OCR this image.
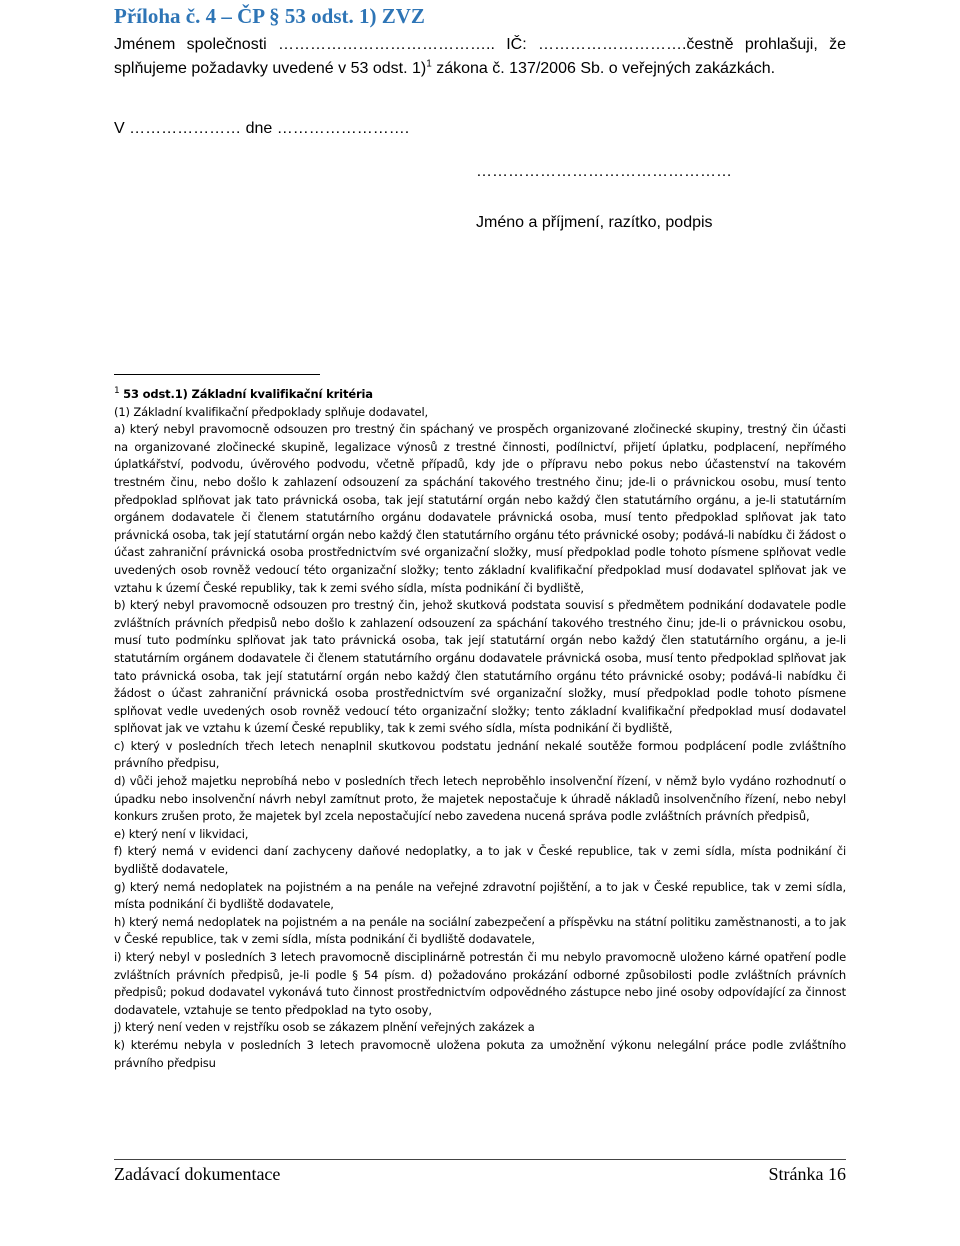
Příloha č. 4 – ČP § 53 odst. 1) ZVZ

Jménem společnosti ………………………………….. IČ: ……………………….čestně prohlašuji, že splňujeme požadavky uvedené v 53 odst. 1)$^1$ zákona č. 137/2006 Sb. o veřejných zakázkách.

V ………………… dne …………………….

…………………………………………

Jméno a příjmení, razítko, podpis

$^1$ 53 odst.1) Základní kvalifikační kritéria

(1) Základní kvalifikační předpoklady splňuje dodavatel,

a) který nebyl pravomocně odsouzen pro trestný čin spáchaný ve prospěch organizované zločinecké skupiny, trestný čin účasti na organizované zločinecké skupině, legalizace výnosů z trestné činnosti, podílnictví, přijetí úplatku, podplacení, nepřímého úplatkářství, podvodu, úvěrového podvodu, včetně případů, kdy jde o přípravu nebo pokus nebo účastenství na takovém trestném činu, nebo došlo k zahlazení odsouzení za spáchání takového trestného činu; jde-li o právnickou osobu, musí tento předpoklad splňovat jak tato právnická osoba, tak její statutární orgán nebo každý člen statutárního orgánu, a je-li statutárním orgánem dodavatele či členem statutárního orgánu dodavatele právnická osoba, musí tento předpoklad splňovat jak tato právnická osoba, tak její statutární orgán nebo každý člen statutárního orgánu této právnické osoby; podává-li nabídku či žádost o účast zahraniční právnická osoba prostřednictvím své organizační složky, musí předpoklad podle tohoto písmene splňovat vedle uvedených osob rovněž vedoucí této organizační složky; tento základní kvalifikační předpoklad musí dodavatel splňovat jak ve vztahu k území České republiky, tak k zemi svého sídla, místa podnikání či bydliště,

b) který nebyl pravomocně odsouzen pro trestný čin, jehož skutková podstata souvisí s předmětem podnikání dodavatele podle zvláštních právních předpisů nebo došlo k zahlazení odsouzení za spáchání takového trestného činu; jde-li o právnickou osobu, musí tuto podmínku splňovat jak tato právnická osoba, tak její statutární orgán nebo každý člen statutárního orgánu, a je-li statutárním orgánem dodavatele či členem statutárního orgánu dodavatele právnická osoba, musí tento předpoklad splňovat jak tato právnická osoba, tak její statutární orgán nebo každý člen statutárního orgánu této právnické osoby; podává-li nabídku či žádost o účast zahraniční právnická osoba prostřednictvím své organizační složky, musí předpoklad podle tohoto písmene splňovat vedle uvedených osob rovněž vedoucí této organizační složky; tento základní kvalifikační předpoklad musí dodavatel splňovat jak ve vztahu k území České republiky, tak k zemi svého sídla, místa podnikání či bydliště,

c) který v posledních třech letech nenaplnil skutkovou podstatu jednání nekalé soutěže formou podplácení podle zvláštního právního předpisu,

d) vůči jehož majetku neprobíhá nebo v posledních třech letech neproběhlo insolvenční řízení, v němž bylo vydáno rozhodnutí o úpadku nebo insolvenční návrh nebyl zamítnut proto, že majetek nepostačuje k úhradě nákladů insolvenčního řízení, nebo nebyl konkurs zrušen proto, že majetek byl zcela nepostačující nebo zavedena nucená správa podle zvláštních právních předpisů,

e) který není v likvidaci,

f) který nemá v evidenci daní zachyceny daňové nedoplatky, a to jak v České republice, tak v zemi sídla, místa podnikání či bydliště dodavatele,

g) který nemá nedoplatek na pojistném a na penále na veřejné zdravotní pojištění, a to jak v České republice, tak v zemi sídla, místa podnikání či bydliště dodavatele,

h) který nemá nedoplatek na pojistném a na penále na sociální zabezpečení a příspěvku na státní politiku zaměstnanosti, a to jak v České republice, tak v zemi sídla, místa podnikání či bydliště dodavatele,

i) který nebyl v posledních 3 letech pravomocně disciplinárně potrestán či mu nebylo pravomocně uloženo kárné opatření podle zvláštních právních předpisů, je-li podle § 54 písm. d) požadováno prokázání odborné způsobilosti podle zvláštních právních předpisů; pokud dodavatel vykonává tuto činnost prostřednictvím odpovědného zástupce nebo jiné osoby odpovídající za činnost dodavatele, vztahuje se tento předpoklad na tyto osoby,

j) který není veden v rejstříku osob se zákazem plnění veřejných zakázek a

k) kterému nebyla v posledních 3 letech pravomocně uložena pokuta za umožnění výkonu nelegální práce podle zvláštního právního předpisu

Zadávací dokumentace	Stránka 16
